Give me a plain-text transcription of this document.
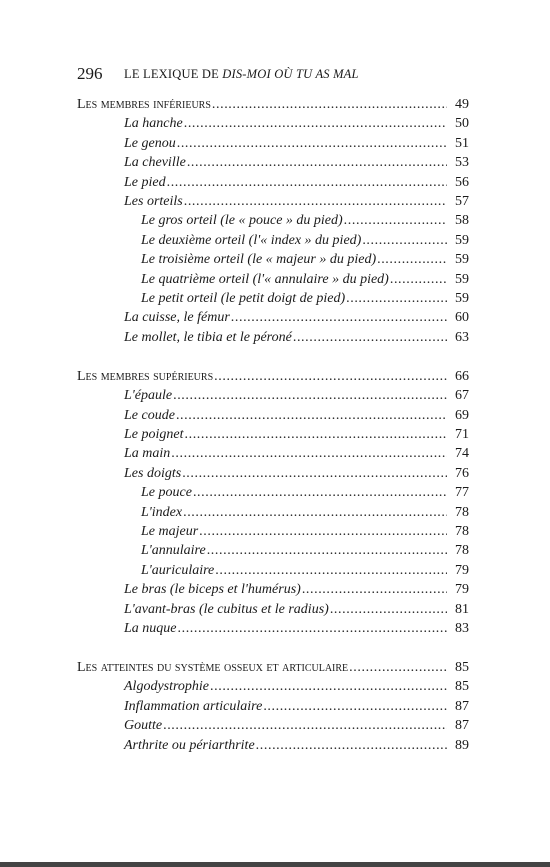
296 LE LEXIQUE DE DIS-MOI OÙ TU AS MAL
Les membres inférieurs .....	49
La hanche .....	50
Le genou .....	51
La cheville .....	53
Le pied .....	56
Les orteils .....	57
Le gros orteil (le « pouce » du pied) .....	58
Le deuxième orteil (l'« index » du pied) .....	59
Le troisième orteil (le « majeur » du pied) .....	59
Le quatrième orteil (l'« annulaire » du pied) .....	59
Le petit orteil (le petit doigt de pied) .....	59
La cuisse, le fémur .....	60
Le mollet, le tibia et le péroné .....	63
Les membres supérieurs .....	66
L'épaule .....	67
Le coude .....	69
Le poignet .....	71
La main .....	74
Les doigts .....	76
Le pouce .....	77
L'index .....	78
Le majeur .....	78
L'annulaire .....	78
L'auriculaire .....	79
Le bras (le biceps et l'humérus) .....	79
L'avant-bras (le cubitus et le radius) .....	81
La nuque .....	83
Les atteintes du système osseux et articulaire .....	85
Algodystrophie .....	85
Inflammation articulaire .....	87
Goutte .....	87
Arthrite ou périarthrite .....	89
